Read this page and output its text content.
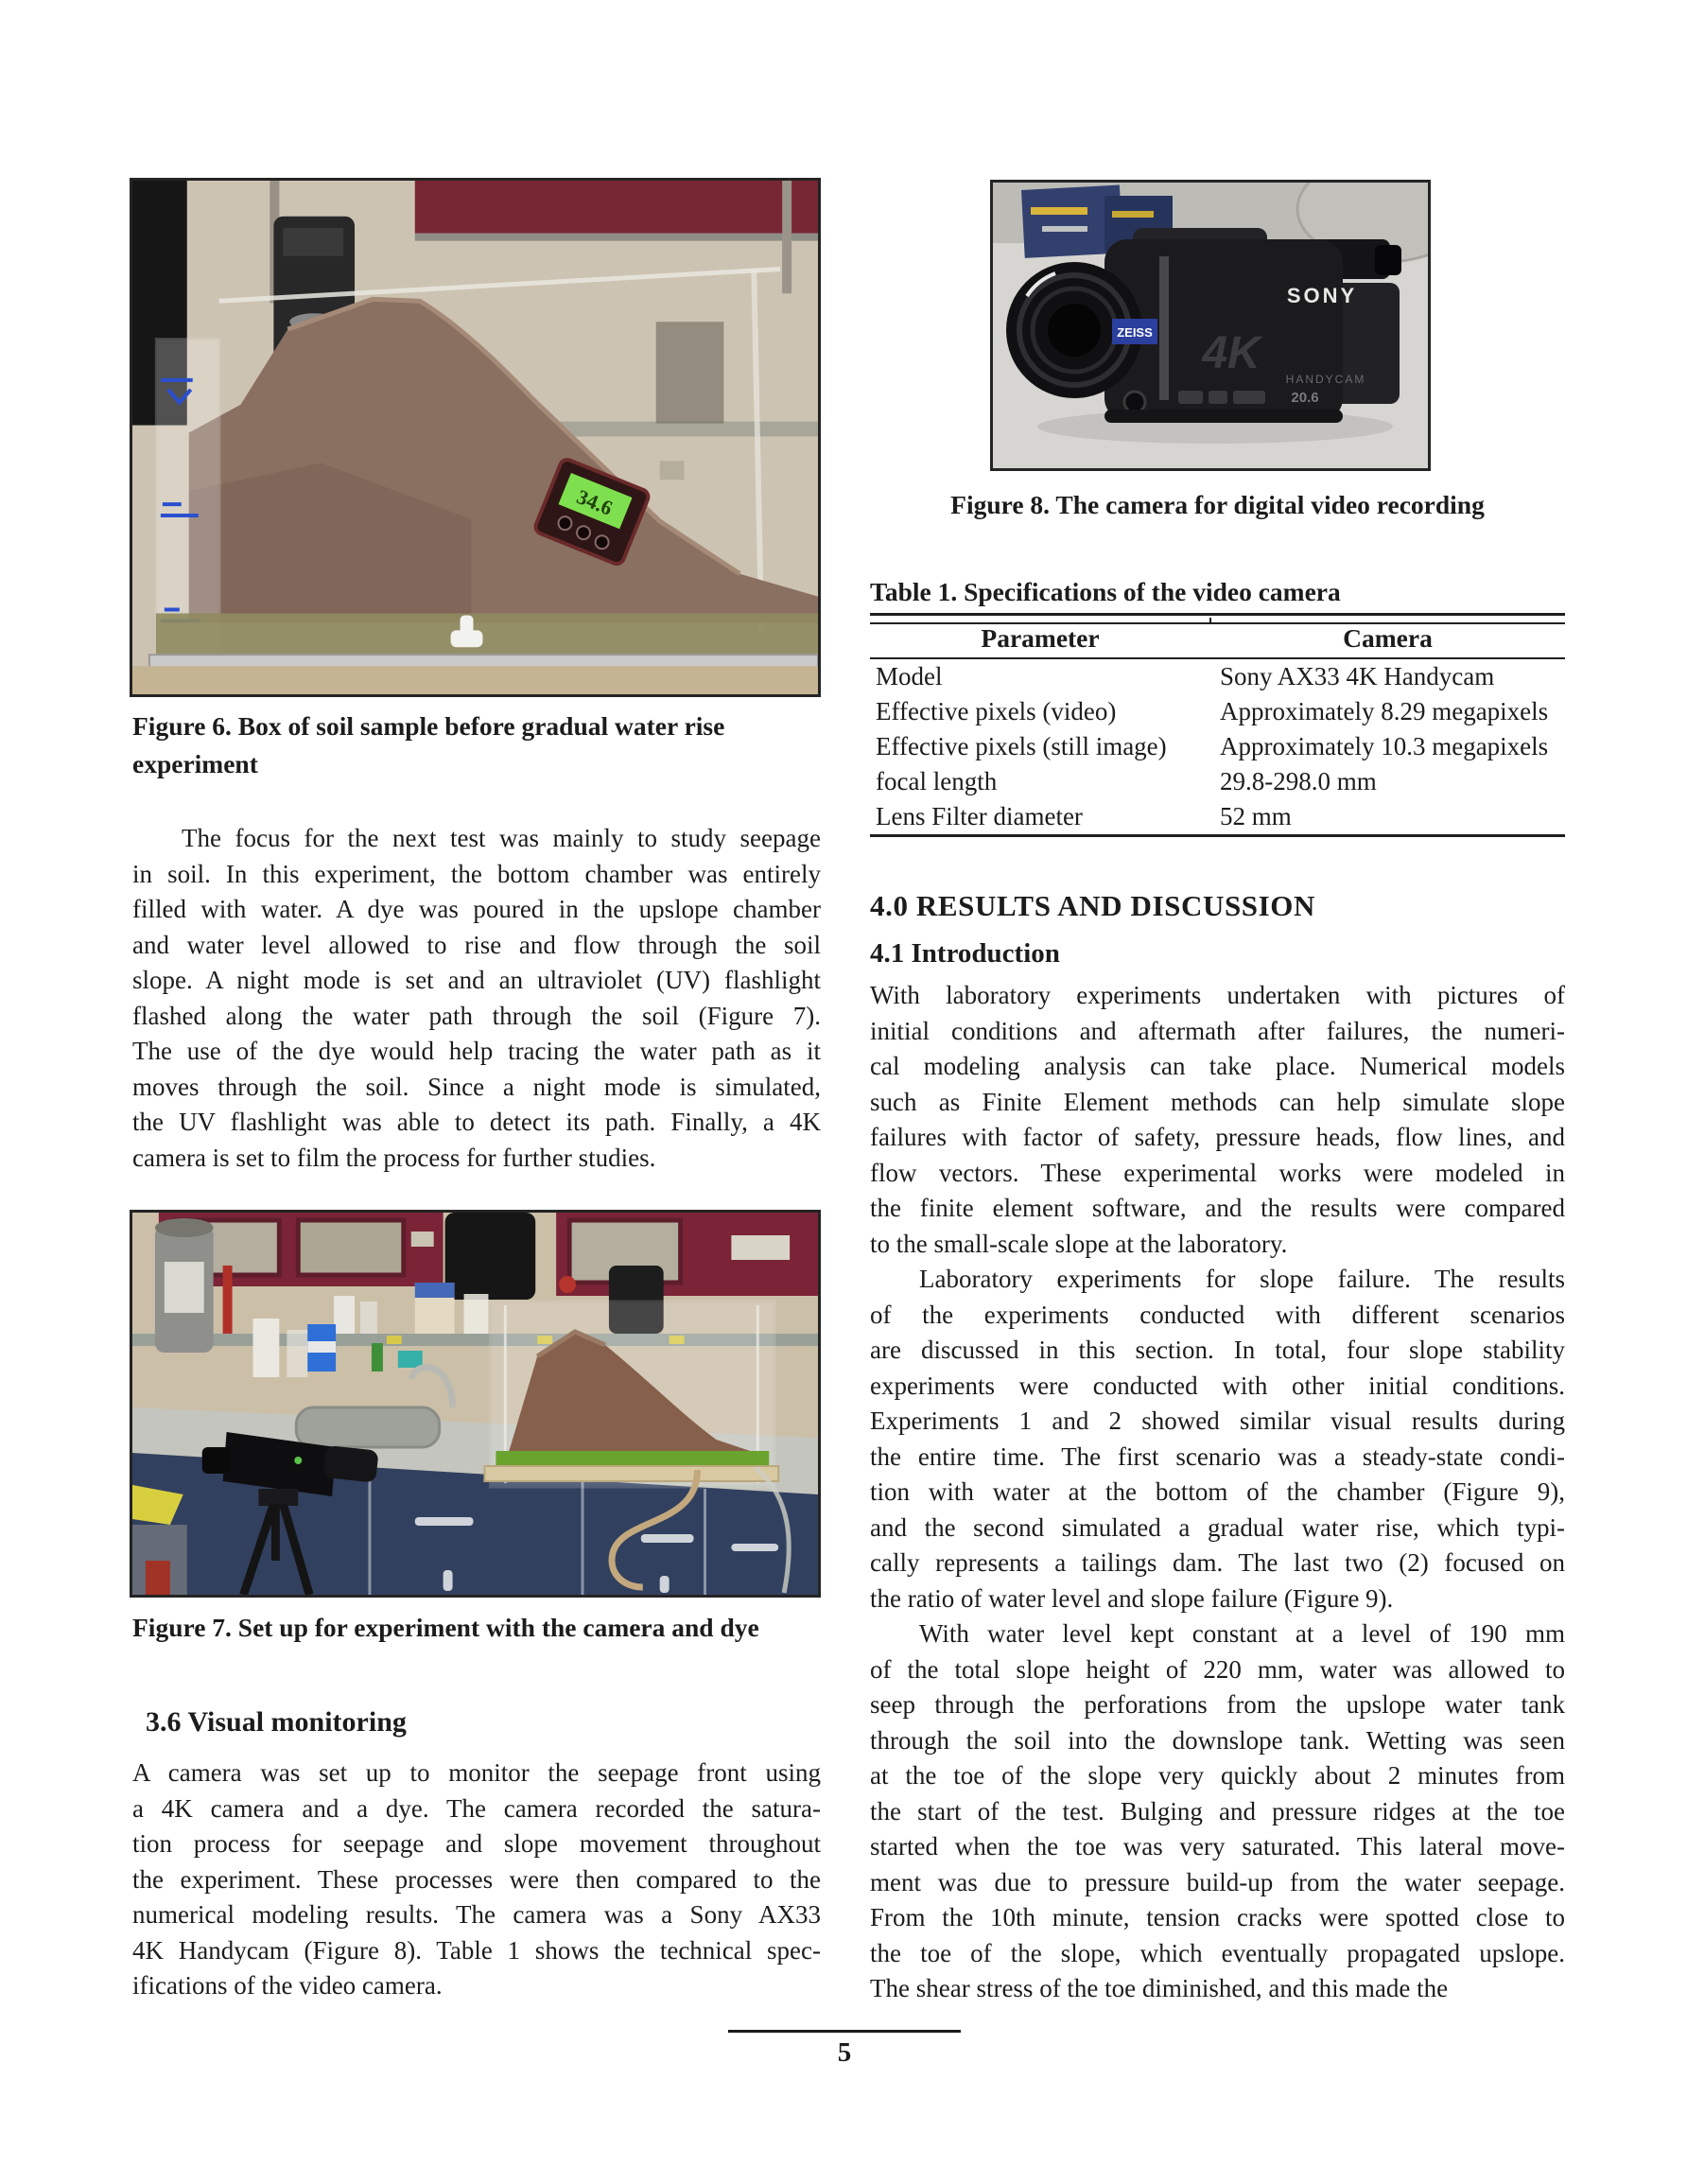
34.6
Figure 6. Box of soil sample before gradual water rise
experiment
The focus for the next test was mainly to study seepage
in soil. In this experiment, the bottom chamber was entirely
filled with water. A dye was poured in the upslope chamber
and water level allowed to rise and flow through the soil
slope. A night mode is set and an ultraviolet (UV) flashlight
flashed along the water path through the soil (Figure 7).
The use of the dye would help tracing the water path as it
moves through the soil. Since a night mode is simulated,
the UV flashlight was able to detect its path. Finally, a 4K
camera is set to film the process for further studies.
Figure 7. Set up for experiment with the camera and dye
3.6 Visual monitoring
A camera was set up to monitor the seepage front using
a 4K camera and a dye. The camera recorded the satura-
tion process for seepage and slope movement throughout
the experiment. These processes were then compared to the
numerical modeling results. The camera was a Sony AX33
4K Handycam (Figure 8). Table 1 shows the technical spec-
ifications of the video camera.
ZEISS
SONY
4K
HANDYCAM
20.6
Figure 8. The camera for digital video recording
Table 1. Specifications of the video camera
Parameter	Camera
Model	Sony AX33 4K Handycam
Effective pixels (video)	Approximately 8.29 megapixels
Effective pixels (still image)	Approximately 10.3 megapixels
focal length	29.8-298.0 mm
Lens Filter diameter	52 mm
4.0 RESULTS AND DISCUSSION
4.1 Introduction
With laboratory experiments undertaken with pictures of
initial conditions and aftermath after failures, the numeri-
cal modeling analysis can take place. Numerical models
such as Finite Element methods can help simulate slope
failures with factor of safety, pressure heads, flow lines, and
flow vectors. These experimental works were modeled in
the finite element software, and the results were compared
to the small-scale slope at the laboratory.
Laboratory experiments for slope failure. The results
of the experiments conducted with different scenarios
are discussed in this section. In total, four slope stability
experiments were conducted with other initial conditions.
Experiments 1 and 2 showed similar visual results during
the entire time. The first scenario was a steady-state condi-
tion with water at the bottom of the chamber (Figure 9),
and the second simulated a gradual water rise, which typi-
cally represents a tailings dam. The last two (2) focused on
the ratio of water level and slope failure (Figure 9).
With water level kept constant at a level of 190 mm
of the total slope height of 220 mm, water was allowed to
seep through the perforations from the upslope water tank
through the soil into the downslope tank. Wetting was seen
at the toe of the slope very quickly about 2 minutes from
the start of the test. Bulging and pressure ridges at the toe
started when the toe was very saturated. This lateral move-
ment was due to pressure build-up from the water seepage.
From the 10th minute, tension cracks were spotted close to
the toe of the slope, which eventually propagated upslope.
The shear stress of the toe diminished, and this made the
5
